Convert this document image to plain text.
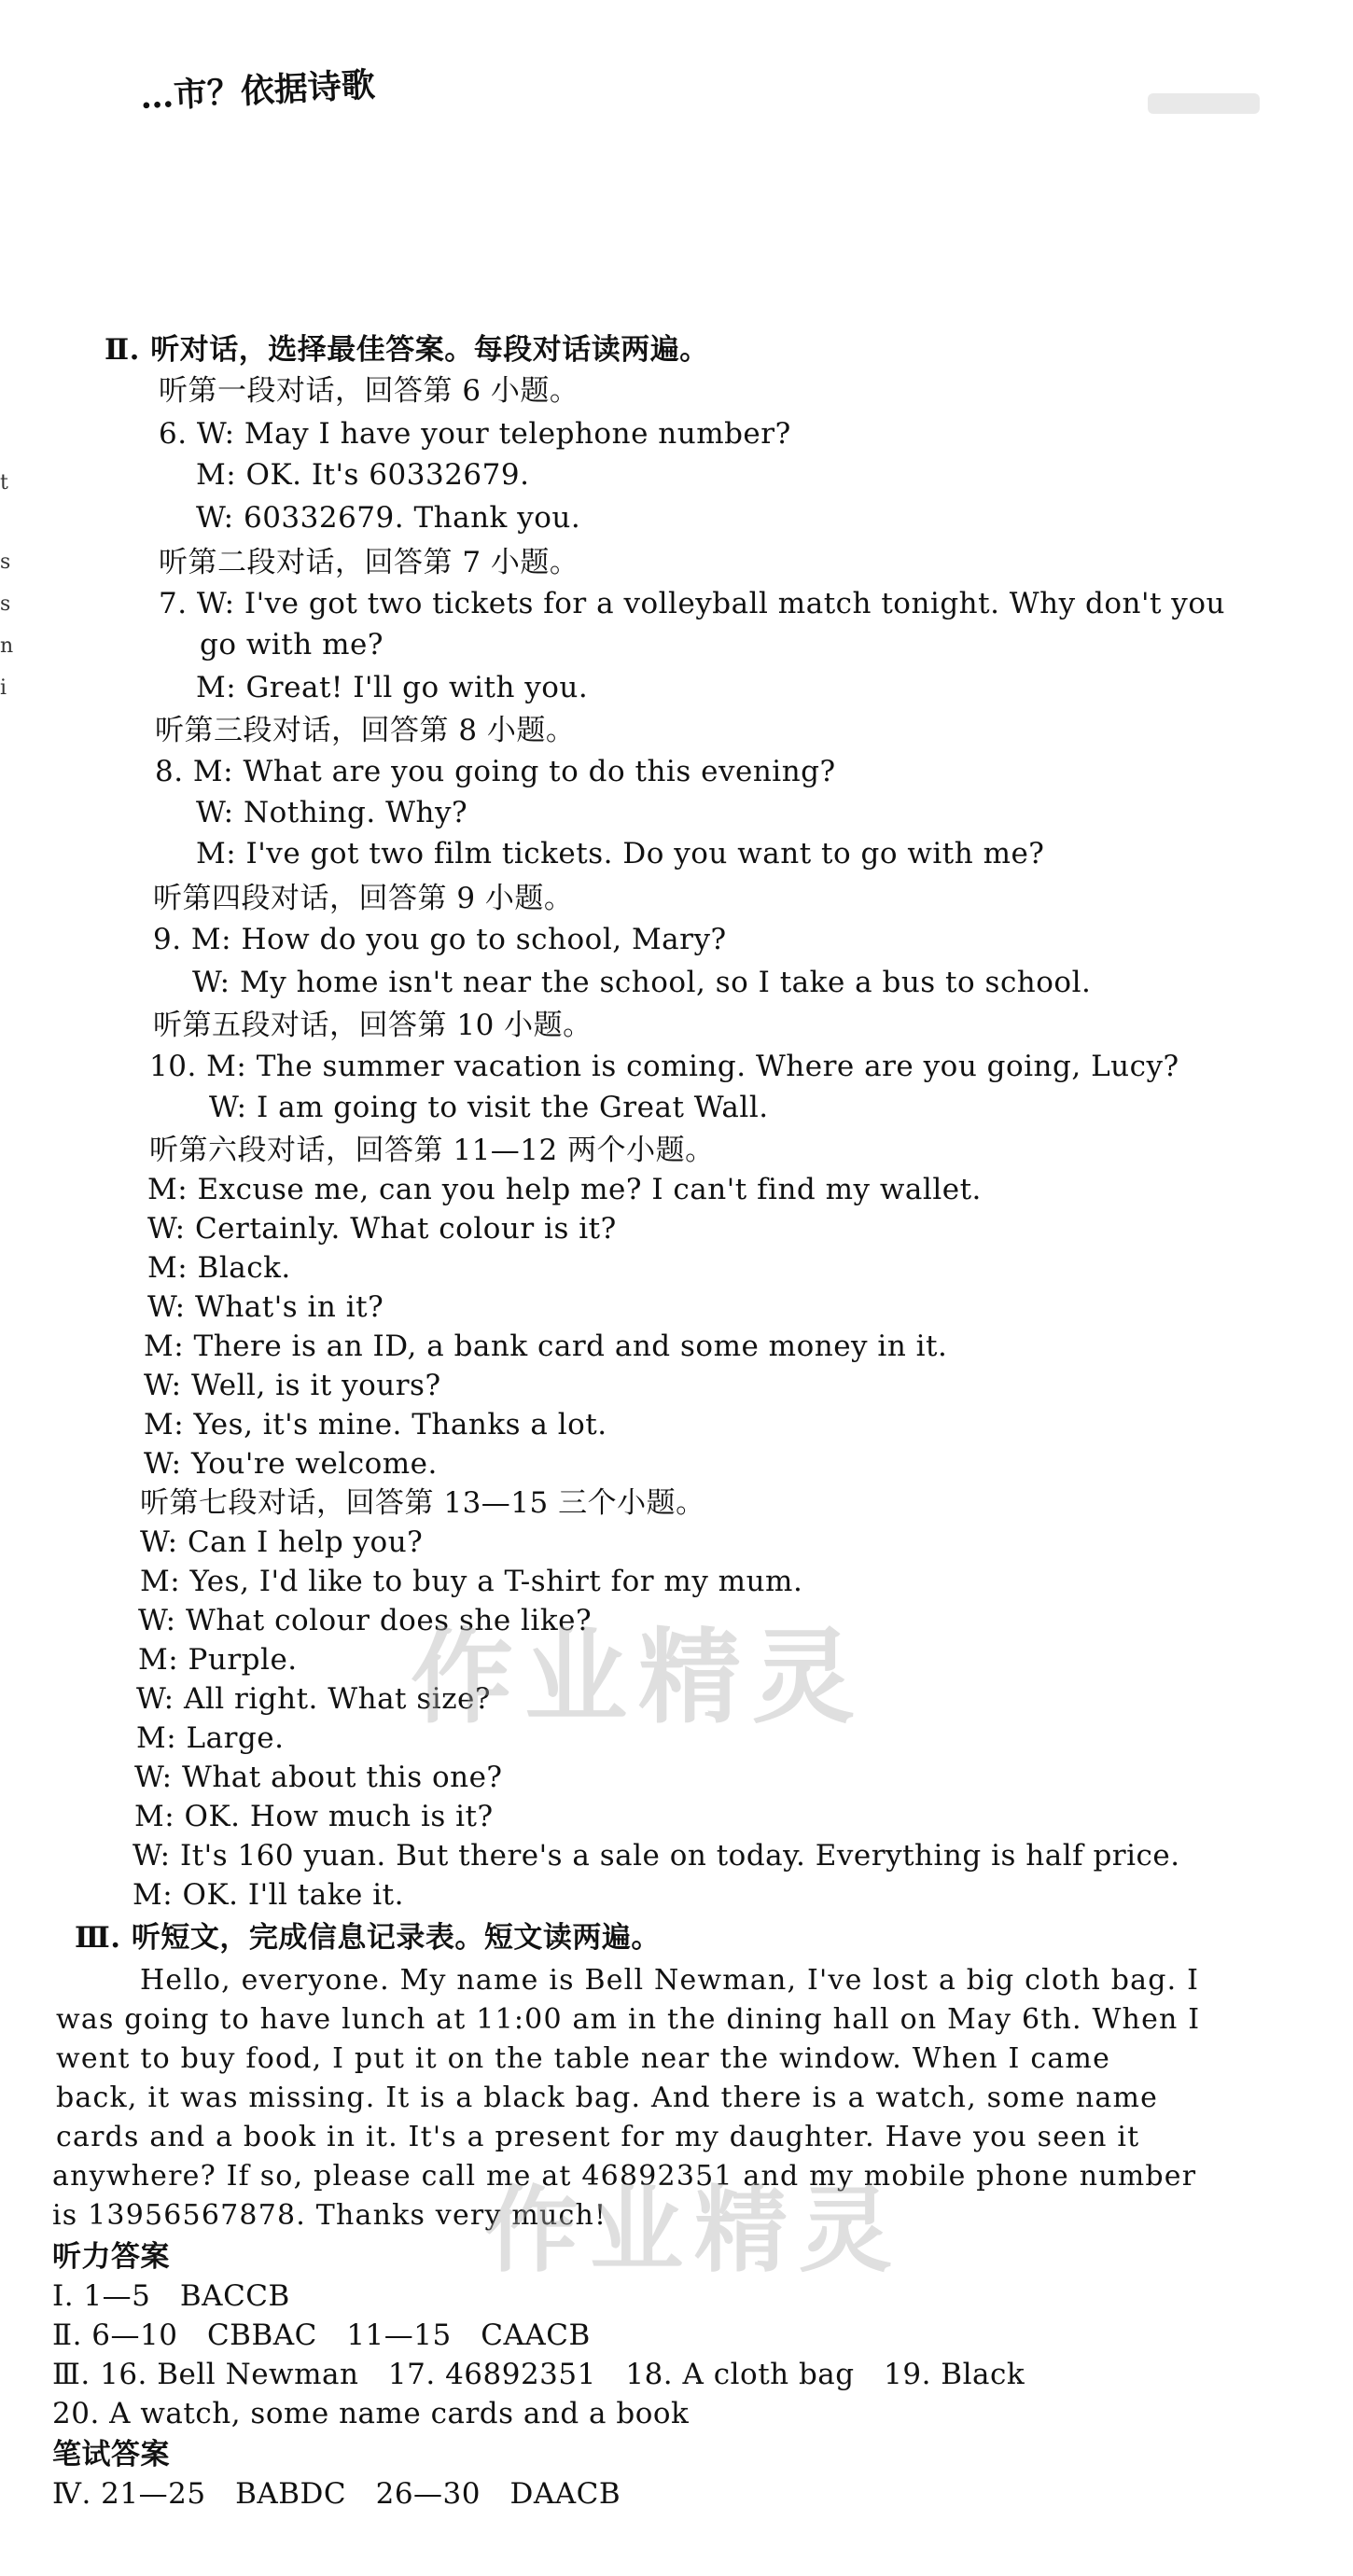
…市？依据诗歌
t
s
s
n
i
Ⅱ. 听对话，选择最佳答案。每段对话读两遍。
听第一段对话，回答第 6 小题。
6. W: May I have your telephone number?
M: OK. It's 60332679.
W: 60332679. Thank you.
听第二段对话，回答第 7 小题。
7. W: I've got two tickets for a volleyball match tonight. Why don't you
go with me?
M: Great! I'll go with you.
听第三段对话，回答第 8 小题。
8. M: What are you going to do this evening?
W: Nothing. Why?
M: I've got two film tickets. Do you want to go with me?
听第四段对话，回答第 9 小题。
9. M: How do you go to school, Mary?
W: My home isn't near the school, so I take a bus to school.
听第五段对话，回答第 10 小题。
10. M: The summer vacation is coming. Where are you going, Lucy?
W: I am going to visit the Great Wall.
听第六段对话，回答第 11—12 两个小题。
M: Excuse me, can you help me? I can't find my wallet.
W: Certainly. What colour is it?
M: Black.
W: What's in it?
M: There is an ID, a bank card and some money in it.
W: Well, is it yours?
M: Yes, it's mine. Thanks a lot.
W: You're welcome.
听第七段对话，回答第 13—15 三个小题。
W: Can I help you?
M: Yes, I'd like to buy a T-shirt for my mum.
W: What colour does she like?
M: Purple.
W: All right. What size?
M: Large.
W: What about this one?
M: OK. How much is it?
W: It's 160 yuan. But there's a sale on today. Everything is half price.
M: OK. I'll take it.
Ⅲ. 听短文，完成信息记录表。短文读两遍。
Hello, everyone. My name is Bell Newman, I've lost a big cloth bag. I
was going to have lunch at 11:00 am in the dining hall on May 6th. When I
went to buy food, I put it on the table near the window. When I came
back, it was missing. It is a black bag. And there is a watch, some name
cards and a book in it. It's a present for my daughter. Have you seen it
anywhere? If so, please call me at 46892351 and my mobile phone number
is 13956567878. Thanks very much!
听力答案
Ⅰ. 1—5　BACCB
Ⅱ. 6—10　CBBAC　11—15　CAACB
Ⅲ. 16. Bell Newman　17. 46892351　18. A cloth bag　19. Black
20. A watch, some name cards and a book
笔试答案
Ⅳ. 21—25　BABDC　26—30　DAACB
作业精灵
作业精灵
